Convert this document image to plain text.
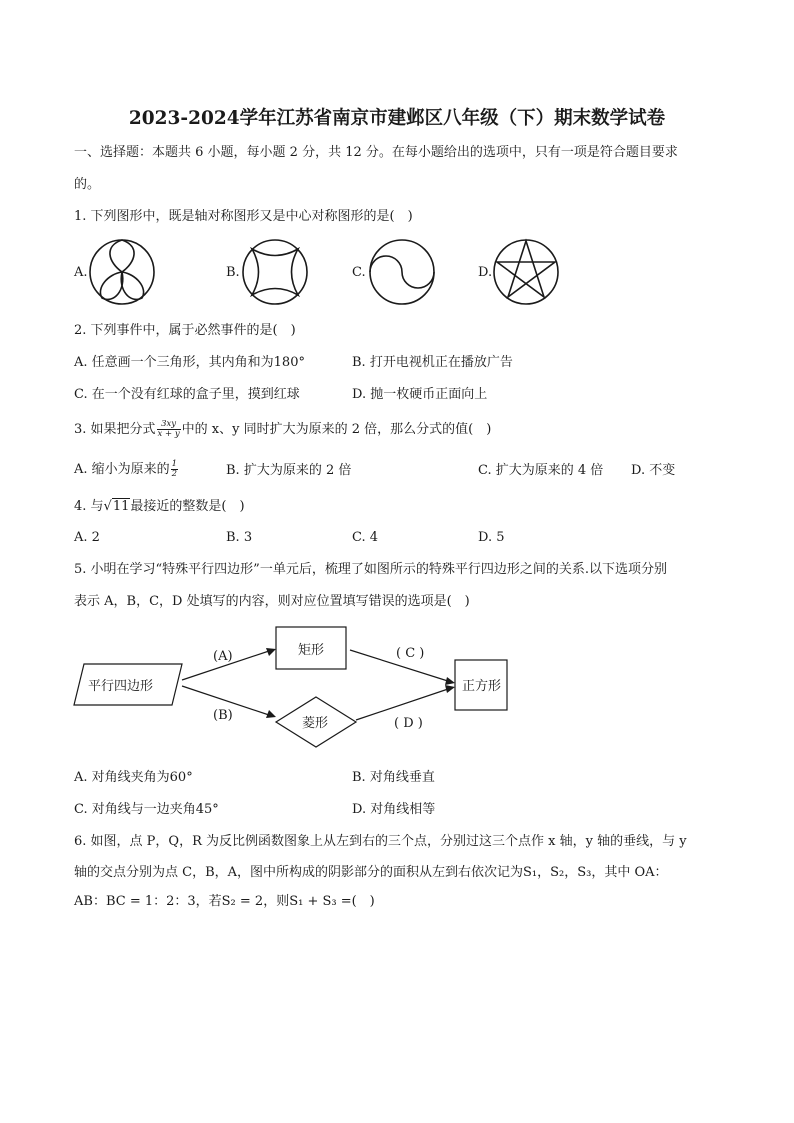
2023-2024学年江苏省南京市建邺区八年级（下）期末数学试卷
一、选择题：本题共 6 小题，每小题 2 分，共 12 分。在每小题给出的选项中，只有一项是符合题目要求
的。
1. 下列图形中，既是轴对称图形又是中心对称图形的是(　)
A.	B.	C.	D.
平行四边形
矩形
菱形
正方形
(A)
(B)
( C )
( D )
2. 下列事件中，属于必然事件的是(　)
A. 任意画一个三角形，其内角和为180°	B. 打开电视机正在播放广告
C. 在一个没有红球的盒子里，摸到红球	D. 抛一枚硬币正面向上
3. 如果把分式 $\frac{3xy}{x + y}$ 中的 x、y 同时扩大为原来的 2 倍，那么分式的值(　)
A. 缩小为原来的 $\frac{1}{2}$	B. 扩大为原来的 2 倍	C. 扩大为原来的 4 倍 D. 不变
4. 与√11最接近的整数是(　)
A. 2	B. 3	C. 4	D. 5
5. 小明在学习“特殊平行四边形”一单元后，梳理了如图所示的特殊平行四边形之间的关系.以下选项分别
表示 A，B，C，D 处填写的内容，则对应位置填写错误的选项是(　)
A. 对角线夹角为60°	B. 对角线垂直
C. 对角线与一边夹角45°	D. 对角线相等
6. 如图，点 P，Q，R 为反比例函数图象上从左到右的三个点，分别过这三个点作 x 轴，y 轴的垂线，与 y
轴的交点分别为点 C，B，A，图中所构成的阴影部分的面积从左到右依次记为S₁，S₂，S₃，其中 OA：
AB：BC = 1：2：3，若S₂ = 2，则S₁ + S₃ =(　)
